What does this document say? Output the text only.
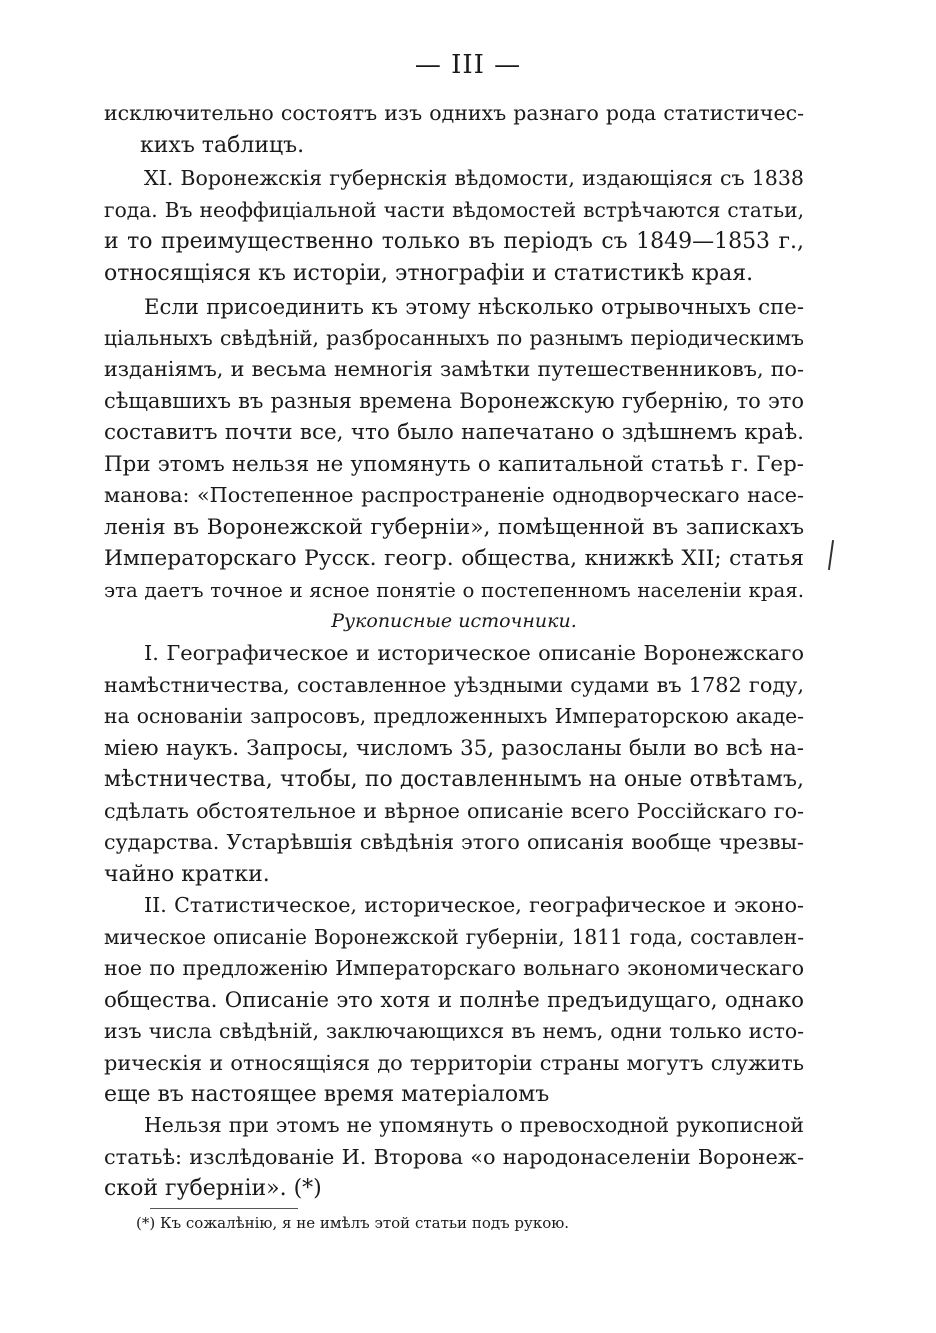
— III —
исключительно состоятъ изъ однихъ разнаго рода статистичес-
кихъ таблицъ.
XI. Воронежскія губернскія вѣдомости, издающіяся съ 1838
года. Въ неоффиціальной части вѣдомостей встрѣчаются статьи,
и то преимущественно только въ періодъ съ 1849—1853 г.,
относящіяся къ исторіи, этнографіи и статистикѣ края.
Если присоединить къ этому нѣсколько отрывочныхъ спе-
ціальныхъ свѣдѣній, разбросанныхъ по разнымъ періодическимъ
изданіямъ, и весьма немногія замѣтки путешественниковъ, по-
сѣщавшихъ въ разныя времена Воронежскую губернію, то это
составитъ почти все, что было напечатано о здѣшнемъ краѣ.
При этомъ нельзя не упомянуть о капитальной статьѣ г. Гер-
манова: «Постепенное распространеніе однодворческаго насе-
ленія въ Воронежской губерніи», помѣщенной въ запискахъ
Императорскаго Русск. геогр. общества, книжкѣ XII; статья
эта даетъ точное и ясное понятіе о постепенномъ населеніи края.
Рукописные источники.
I. Географическое и историческое описаніе Воронежскаго
намѣстничества, составленное уѣздными судами въ 1782 году,
на основаніи запросовъ, предложенныхъ Императорскою акаде-
міею наукъ. Запросы, числомъ 35, разосланы были во всѣ на-
мѣстничества, чтобы, по доставленнымъ на оные отвѣтамъ,
сдѣлать обстоятельное и вѣрное описаніе всего Россійскаго го-
сударства. Устарѣвшія свѣдѣнія этого описанія вообще чрезвы-
чайно кратки.
II. Статистическое, историческое, географическое и эконо-
мическое описаніе Воронежской губерніи, 1811 года, составлен-
ное по предложенію Императорскаго вольнаго экономическаго
общества. Описаніе это хотя и полнѣе предъидущаго, однако
изъ числа свѣдѣній, заключающихся въ немъ, одни только исто-
рическія и относящіяся до территоріи страны могутъ служить
еще въ настоящее время матеріаломъ
Нельзя при этомъ не упомянуть о превосходной рукописной
статьѣ: изслѣдованіе И. Второва «о народонаселеніи Воронеж-
ской губерніи». (*)
(*) Къ сожалѣнію, я не имѣлъ этой статьи подъ рукою.
